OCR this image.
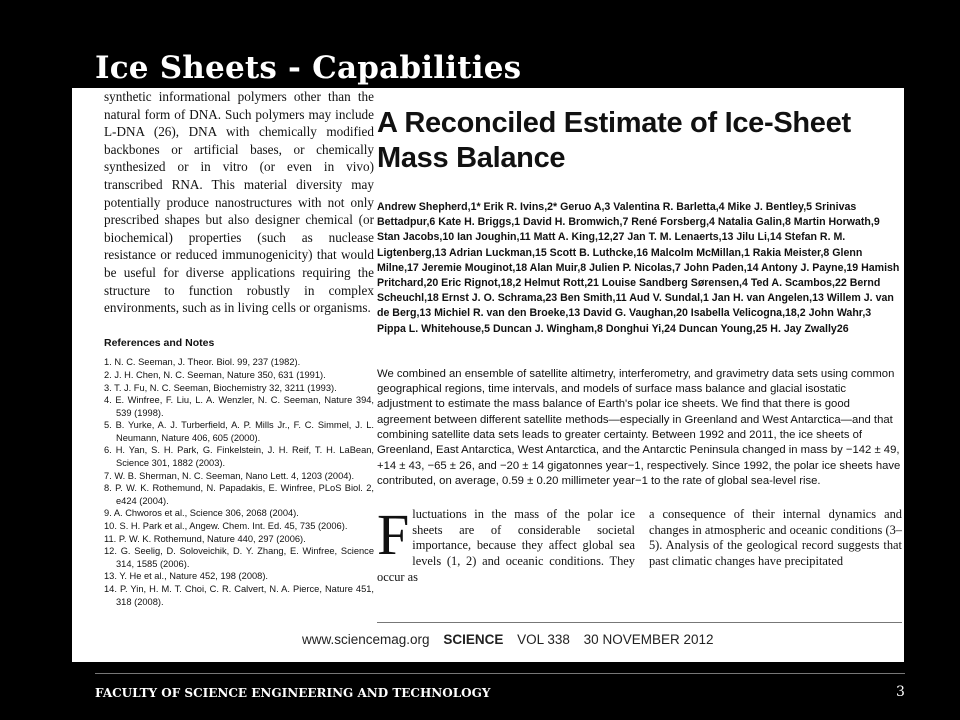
Ice Sheets - Capabilities

synthetic informational polymers other than the natural form of DNA. Such polymers may include L-DNA (26), DNA with chemically modified backbones or artificial bases, or chemically synthesized or in vitro (or even in vivo) transcribed RNA. This material diversity may potentially produce nanostructures with not only prescribed shapes but also designer chemical (or biochemical) properties (such as nuclease resistance or reduced immunogenicity) that would be useful for diverse applications requiring the structure to function robustly in complex environments, such as in living cells or organisms.

References and Notes
1. N. C. Seeman, J. Theor. Biol. 99, 237 (1982).
2. J. H. Chen, N. C. Seeman, Nature 350, 631 (1991).
3. T. J. Fu, N. C. Seeman, Biochemistry 32, 3211 (1993).
4. E. Winfree, F. Liu, L. A. Wenzler, N. C. Seeman, Nature 394, 539 (1998).
5. B. Yurke, A. J. Turberfield, A. P. Mills Jr., F. C. Simmel, J. L. Neumann, Nature 406, 605 (2000).
6. H. Yan, S. H. Park, G. Finkelstein, J. H. Reif, T. H. LaBean, Science 301, 1882 (2003).
7. W. B. Sherman, N. C. Seeman, Nano Lett. 4, 1203 (2004).
8. P. W. K. Rothemund, N. Papadakis, E. Winfree, PLoS Biol. 2, e424 (2004).
9. A. Chworos et al., Science 306, 2068 (2004).
10. S. H. Park et al., Angew. Chem. Int. Ed. 45, 735 (2006).
11. P. W. K. Rothemund, Nature 440, 297 (2006).
12. G. Seelig, D. Soloveichik, D. Y. Zhang, E. Winfree, Science 314, 1585 (2006).
13. Y. He et al., Nature 452, 198 (2008).
14. P. Yin, H. M. T. Choi, C. R. Calvert, N. A. Pierce, Nature 451, 318 (2008).
A Reconciled Estimate of Ice-Sheet Mass Balance
Andrew Shepherd,1* Erik R. Ivins,2* Geruo A,3 Valentina R. Barletta,4 Mike J. Bentley,5 Srinivas Bettadpur,6 Kate H. Briggs,1 David H. Bromwich,7 René Forsberg,4 Natalia Galin,8 Martin Horwath,9 Stan Jacobs,10 Ian Joughin,11 Matt A. King,12,27 Jan T. M. Lenaerts,13 Jilu Li,14 Stefan R. M. Ligtenberg,13 Adrian Luckman,15 Scott B. Luthcke,16 Malcolm McMillan,1 Rakia Meister,8 Glenn Milne,17 Jeremie Mouginot,18 Alan Muir,8 Julien P. Nicolas,7 John Paden,14 Antony J. Payne,19 Hamish Pritchard,20 Eric Rignot,18,2 Helmut Rott,21 Louise Sandberg Sørensen,4 Ted A. Scambos,22 Bernd Scheuchl,18 Ernst J. O. Schrama,23 Ben Smith,11 Aud V. Sundal,1 Jan H. van Angelen,13 Willem J. van de Berg,13 Michiel R. van den Broeke,13 David G. Vaughan,20 Isabella Velicogna,18,2 John Wahr,3 Pippa L. Whitehouse,5 Duncan J. Wingham,8 Donghui Yi,24 Duncan Young,25 H. Jay Zwally26
We combined an ensemble of satellite altimetry, interferometry, and gravimetry data sets using common geographical regions, time intervals, and models of surface mass balance and glacial isostatic adjustment to estimate the mass balance of Earth's polar ice sheets. We find that there is good agreement between different satellite methods—especially in Greenland and West Antarctica—and that combining satellite data sets leads to greater certainty. Between 1992 and 2011, the ice sheets of Greenland, East Antarctica, West Antarctica, and the Antarctic Peninsula changed in mass by −142 ± 49, +14 ± 43, −65 ± 26, and −20 ± 14 gigatonnes year−1, respectively. Since 1992, the polar ice sheets have contributed, on average, 0.59 ± 0.20 millimeter year−1 to the rate of global sea-level rise.
Fluctuations in the mass of the polar ice sheets are of considerable societal importance, because they affect global sea levels (1, 2) and oceanic conditions. They occur as
a consequence of their internal dynamics and changes in atmospheric and oceanic conditions (3–5). Analysis of the geological record suggests that past climatic changes have precipitated
www.sciencemag.org SCIENCE VOL 338 30 NOVEMBER 2012
FACULTY OF SCIENCE ENGINEERING AND TECHNOLOGY	3
